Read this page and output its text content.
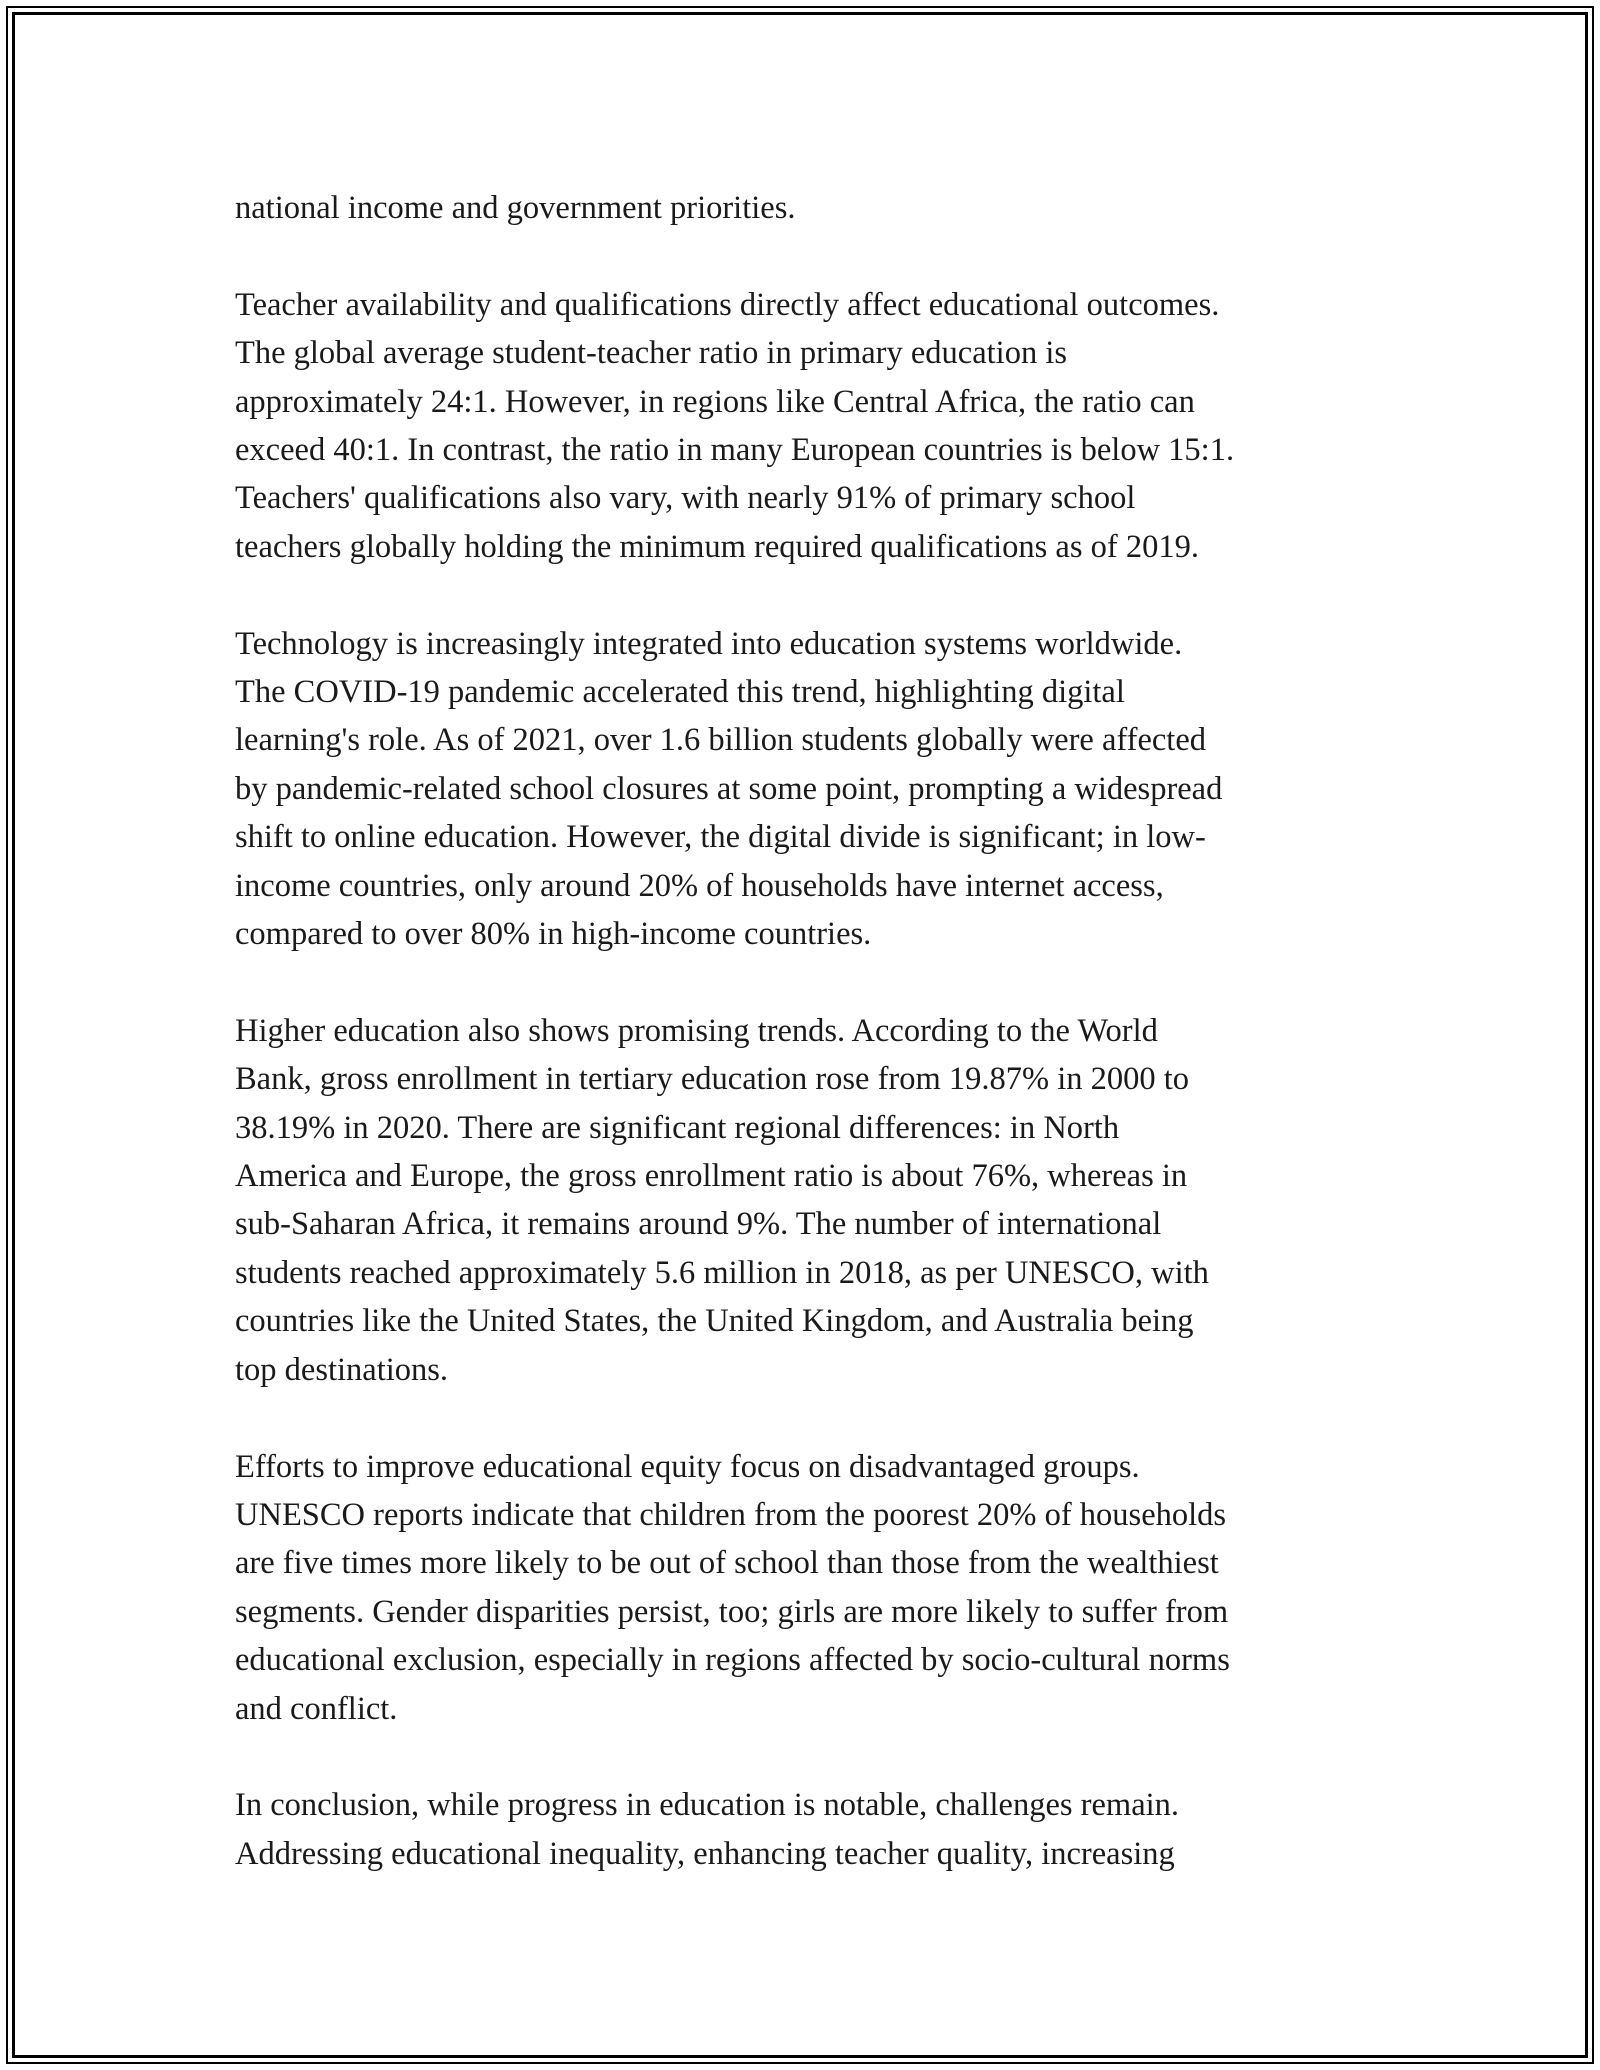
national income and government priorities.

Teacher availability and qualifications directly affect educational outcomes.
The global average student-teacher ratio in primary education is
approximately 24:1. However, in regions like Central Africa, the ratio can
exceed 40:1. In contrast, the ratio in many European countries is below 15:1.
Teachers' qualifications also vary, with nearly 91% of primary school
teachers globally holding the minimum required qualifications as of 2019.

Technology is increasingly integrated into education systems worldwide.
The COVID-19 pandemic accelerated this trend, highlighting digital
learning's role. As of 2021, over 1.6 billion students globally were affected
by pandemic-related school closures at some point, prompting a widespread
shift to online education. However, the digital divide is significant; in low-
income countries, only around 20% of households have internet access,
compared to over 80% in high-income countries.

Higher education also shows promising trends. According to the World
Bank, gross enrollment in tertiary education rose from 19.87% in 2000 to
38.19% in 2020. There are significant regional differences: in North
America and Europe, the gross enrollment ratio is about 76%, whereas in
sub-Saharan Africa, it remains around 9%. The number of international
students reached approximately 5.6 million in 2018, as per UNESCO, with
countries like the United States, the United Kingdom, and Australia being
top destinations.

Efforts to improve educational equity focus on disadvantaged groups.
UNESCO reports indicate that children from the poorest 20% of households
are five times more likely to be out of school than those from the wealthiest
segments. Gender disparities persist, too; girls are more likely to suffer from
educational exclusion, especially in regions affected by socio-cultural norms
and conflict.

In conclusion, while progress in education is notable, challenges remain.
Addressing educational inequality, enhancing teacher quality, increasing
